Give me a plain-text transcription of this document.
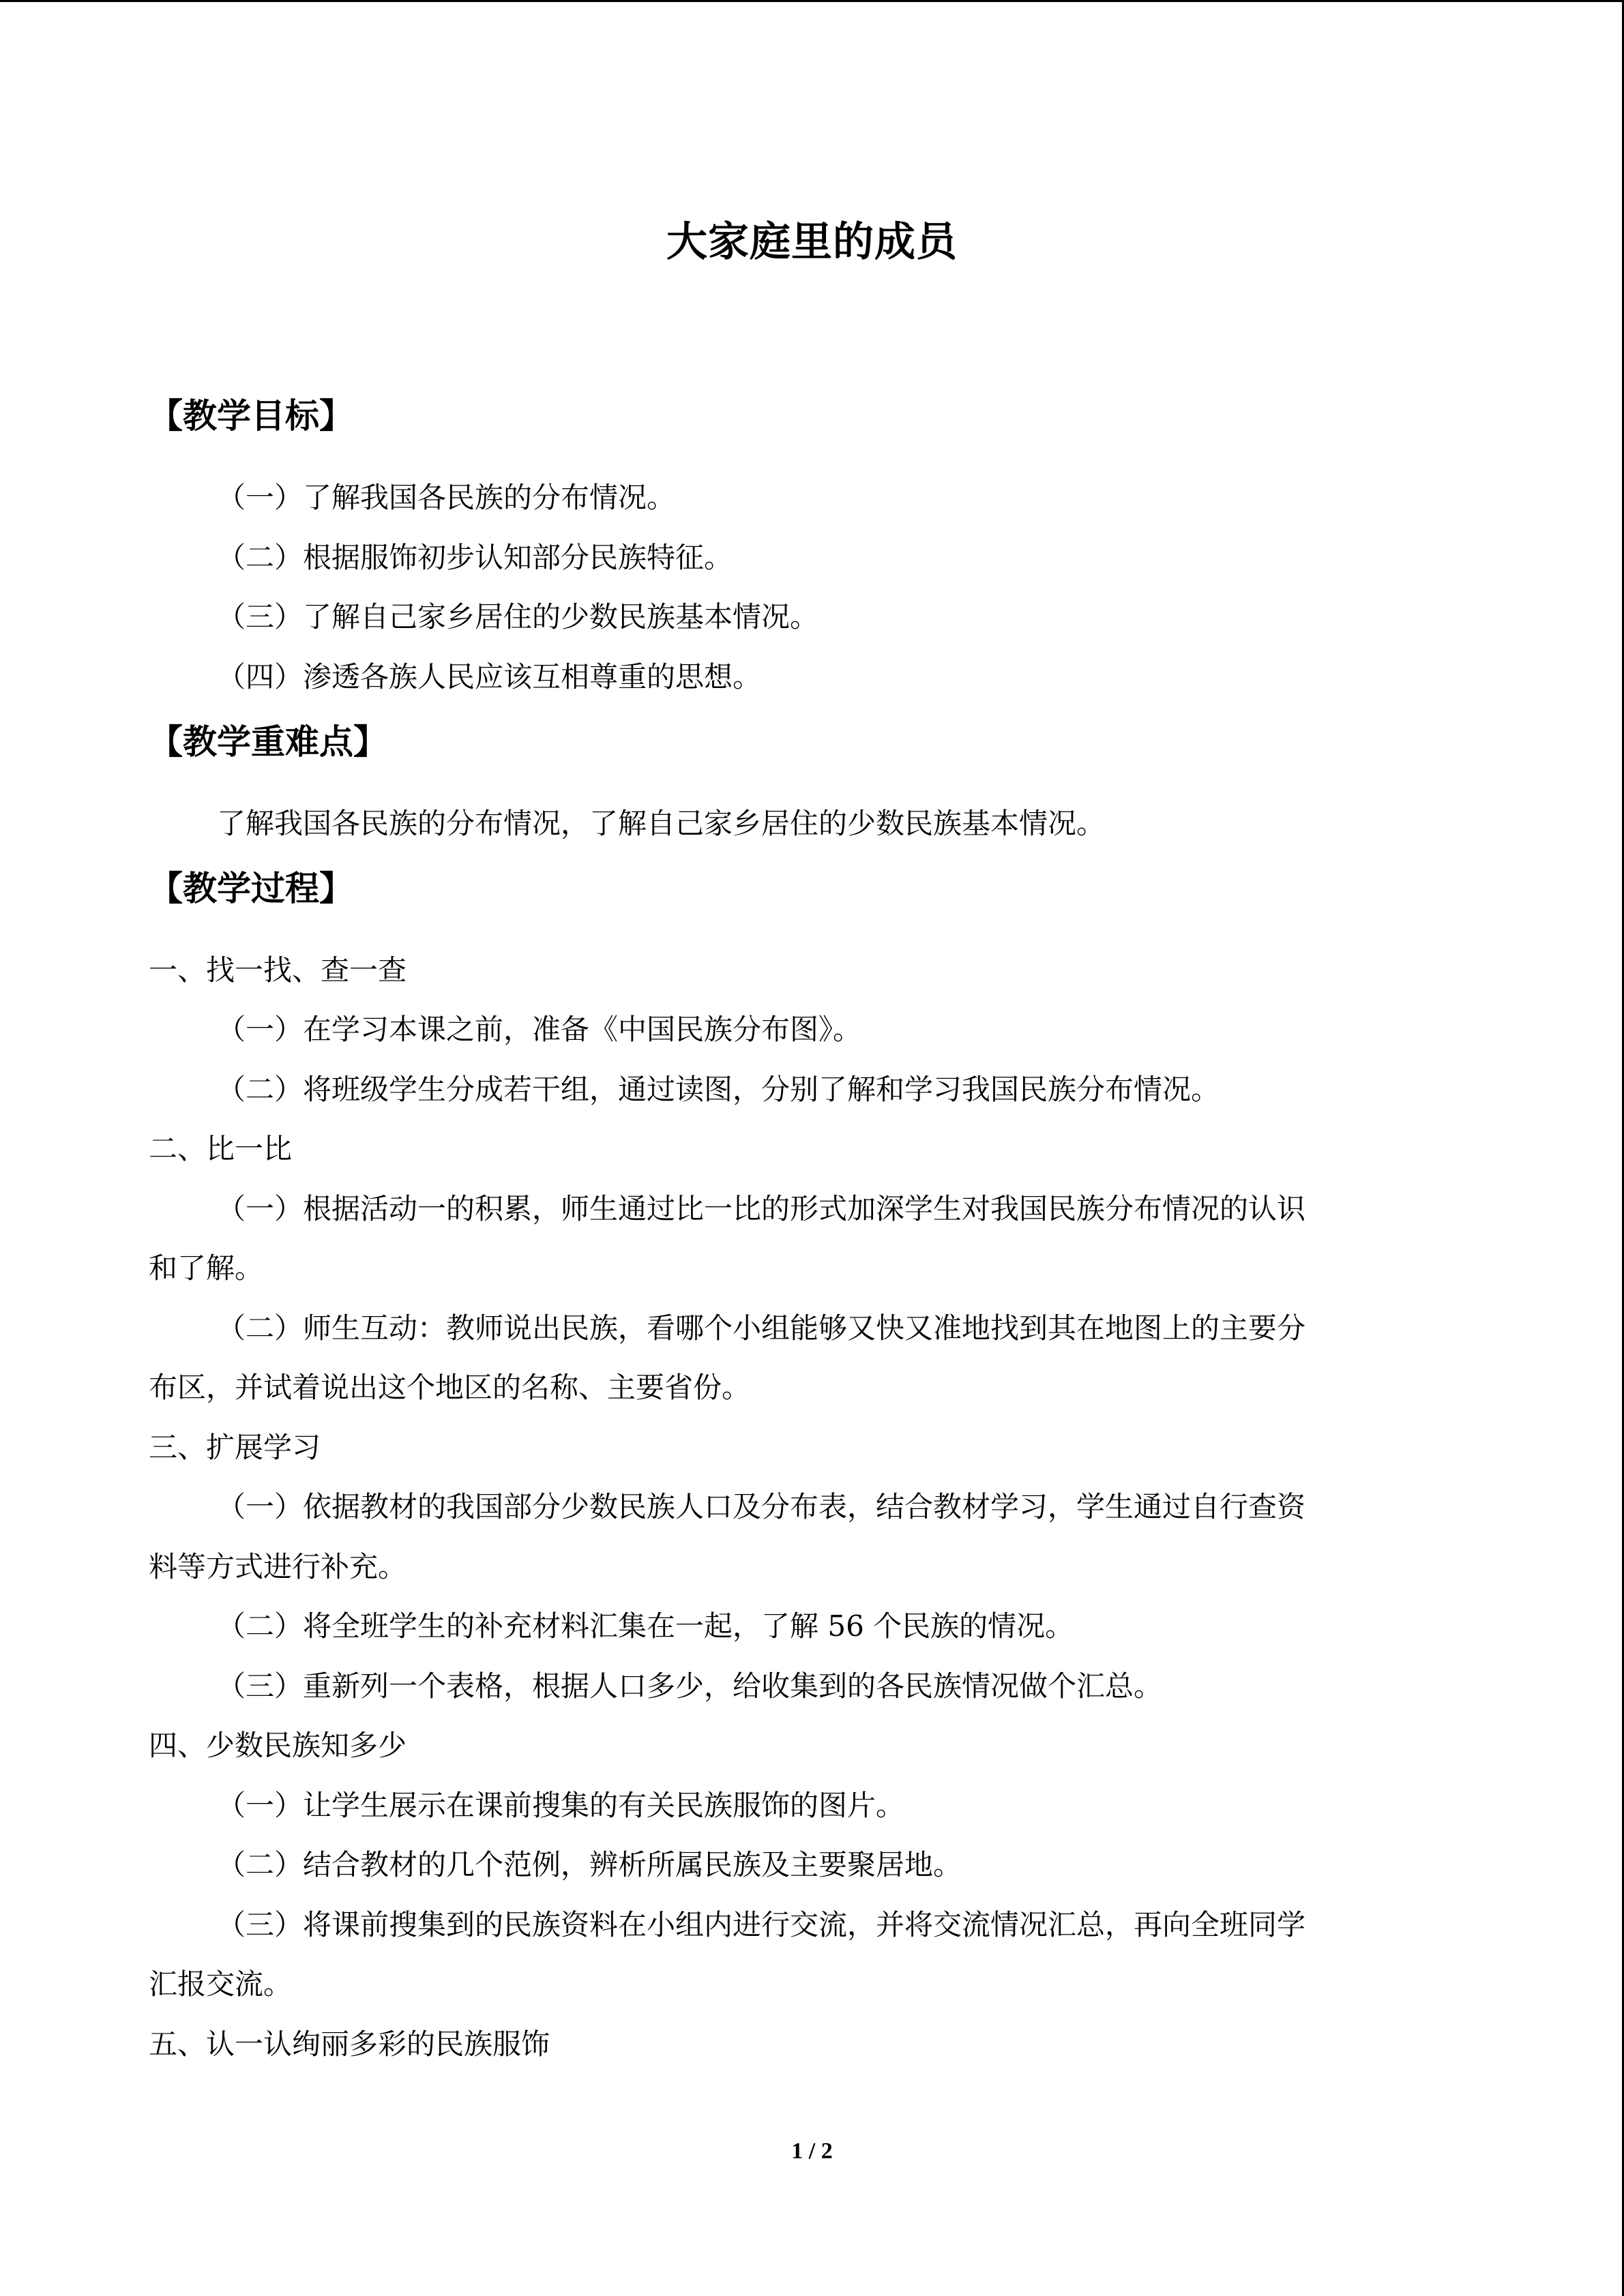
大家庭里的成员
【教学目标】
（一）了解我国各民族的分布情况。
（二）根据服饰初步认知部分民族特征。
（三）了解自己家乡居住的少数民族基本情况。
（四）渗透各族人民应该互相尊重的思想。
【教学重难点】
了解我国各民族的分布情况，了解自己家乡居住的少数民族基本情况。
【教学过程】
一、找一找、查一查
（一）在学习本课之前，准备《中国民族分布图》。
（二）将班级学生分成若干组，通过读图，分别了解和学习我国民族分布情况。
二、比一比
（一）根据活动一的积累，师生通过比一比的形式加深学生对我国民族分布情况的认识
和了解。
（二）师生互动：教师说出民族，看哪个小组能够又快又准地找到其在地图上的主要分
布区，并试着说出这个地区的名称、主要省份。
三、扩展学习
（一）依据教材的我国部分少数民族人口及分布表，结合教材学习，学生通过自行查资
料等方式进行补充。
（二）将全班学生的补充材料汇集在一起，了解 56 个民族的情况。
（三）重新列一个表格，根据人口多少，给收集到的各民族情况做个汇总。
四、少数民族知多少
（一）让学生展示在课前搜集的有关民族服饰的图片。
（二）结合教材的几个范例，辨析所属民族及主要聚居地。
（三）将课前搜集到的民族资料在小组内进行交流，并将交流情况汇总，再向全班同学
汇报交流。
五、认一认绚丽多彩的民族服饰
1 / 2
